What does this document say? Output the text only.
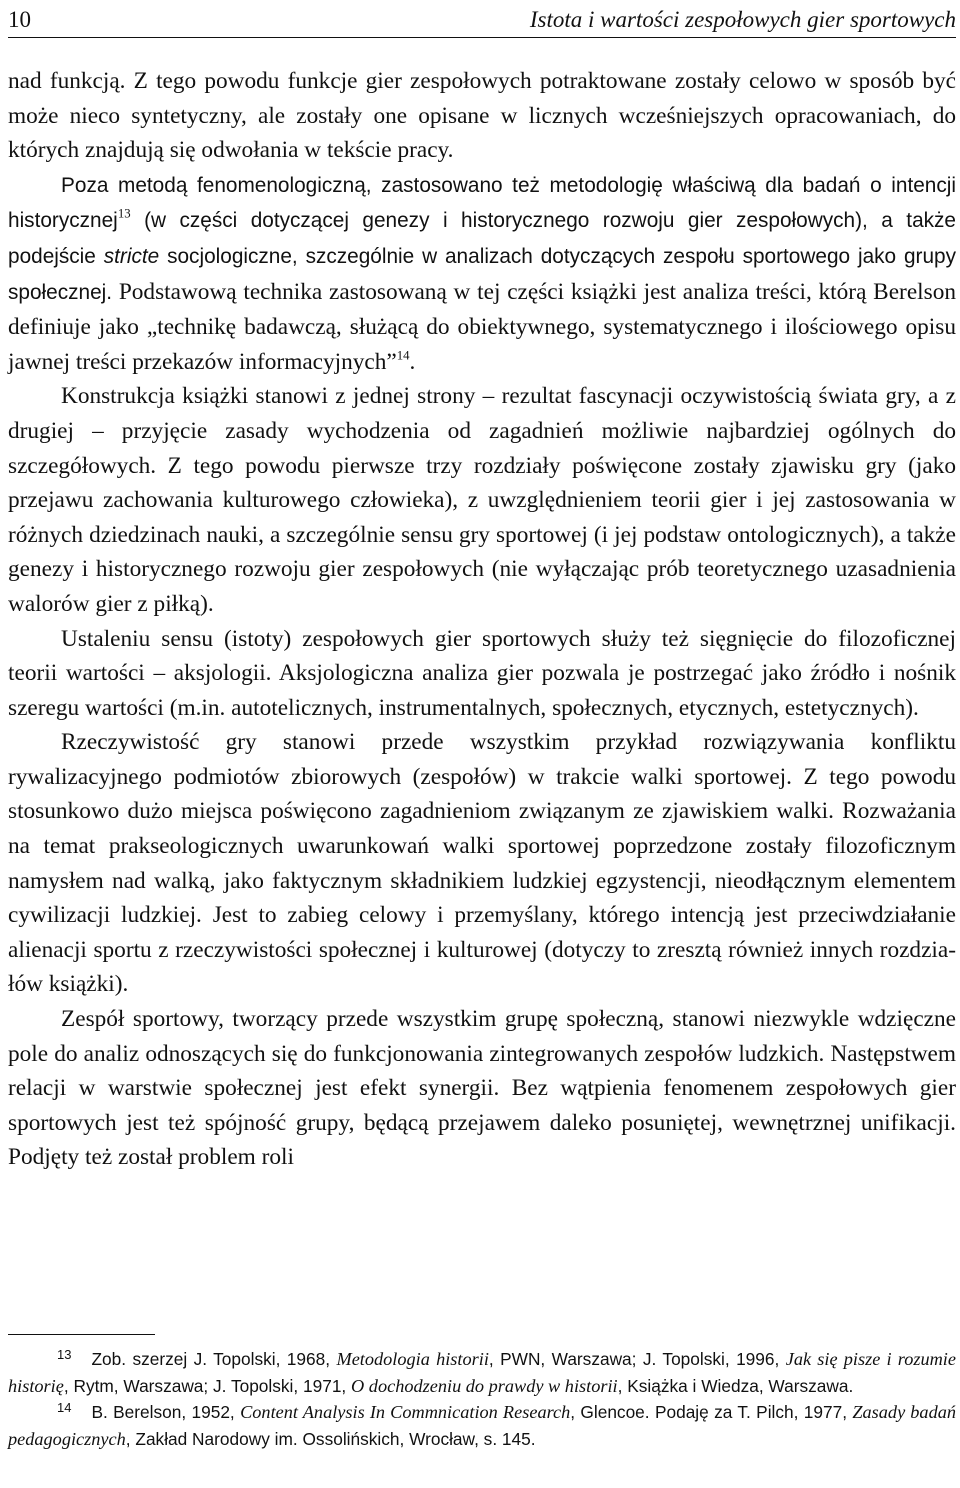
10	Istota i wartości zespołowych gier sportowych

nad funkcją. Z tego powodu funkcje gier zespołowych potraktowane zostały celowo w sposób być może nieco syntetyczny, ale zostały one opisane w licznych wcześniejszych opracowaniach, do których znajdują się odwołania w tekście pracy.

Poza metodą fenomenologiczną, zastosowano też metodologię właściwą dla badań o intencji historycznej$^{13}$ (w części dotyczącej genezy i historycznego rozwoju gier zespołowych), a także podejście stricte socjologiczne, szczególnie w analizach dotyczących zespołu sportowego jako grupy społecznej. Podstawową technika zastosowaną w tej części książki jest analiza treści, którą Berelson definiuje jako „technikę badawczą, służącą do obiektywnego, systematycznego i ilościowego opisu jawnej treści przekazów informacyjnych”$^{14}$.

Konstrukcja książki stanowi z jednej strony – rezultat fascynacji oczywistością świata gry, a z drugiej – przyjęcie zasady wychodzenia od zagadnień możliwie najbardziej ogólnych do szczegółowych. Z tego powodu pierwsze trzy rozdziały poświęcone zostały zjawisku gry (jako przejawu zachowania kulturowego człowieka), z uwzględnieniem teorii gier i jej zastosowania w różnych dziedzinach nauki, a szczególnie sensu gry sportowej (i jej podstaw ontologicznych), a także genezy i historycznego rozwoju gier zespołowych (nie wyłączając prób teoretycznego uzasadnienia walorów gier z piłką).

Ustaleniu sensu (istoty) zespołowych gier sportowych służy też sięgnięcie do filozoficznej teorii wartości – aksjologii. Aksjologiczna analiza gier pozwala je postrzegać jako źródło i nośnik szeregu wartości (m.in. autotelicznych, instrumentalnych, społecznych, etycznych, estetycznych).

Rzeczywistość gry stanowi przede wszystkim przykład rozwiązywania konfliktu rywalizacyjnego podmiotów zbiorowych (zespołów) w trakcie walki sportowej. Z tego powodu stosunkowo dużo miejsca poświęcono zagadnieniom związanym ze zjawiskiem walki. Rozważania na temat prakseologicznych uwarunkowań walki sportowej poprzedzone zostały filozoficznym namysłem nad walką, jako faktycznym składnikiem ludzkiej egzystencji, nieodłącznym elementem cywilizacji ludzkiej. Jest to zabieg celowy i przemyślany, którego intencją jest przeciwdziałanie alienacji sportu z rzeczywistości społecznej i kulturowej (dotyczy to zresztą również innych rozdziałów książki).

Zespół sportowy, tworzący przede wszystkim grupę społeczną, stanowi niezwykle wdzięczne pole do analiz odnoszących się do funkcjonowania zintegrowanych zespołów ludzkich. Następstwem relacji w warstwie społecznej jest efekt synergii. Bez wątpienia fenomenem zespołowych gier sportowych jest też spójność grupy, będącą przejawem daleko posuniętej, wewnętrznej unifikacji. Podjęty też został problem roli

$^{13}$ Zob. szerzej J. Topolski, 1968, Metodologia historii, PWN, Warszawa; J. Topolski, 1996, Jak się pisze i rozumie historię, Rytm, Warszawa; J. Topolski, 1971, O dochodzeniu do prawdy w historii, Książka i Wiedza, Warszawa.

$^{14}$ B. Berelson, 1952, Content Analysis In Commnication Research, Glencoe. Podaję za T. Pilch, 1977, Zasady badań pedagogicznych, Zakład Narodowy im. Ossolińskich, Wrocław, s. 145.
